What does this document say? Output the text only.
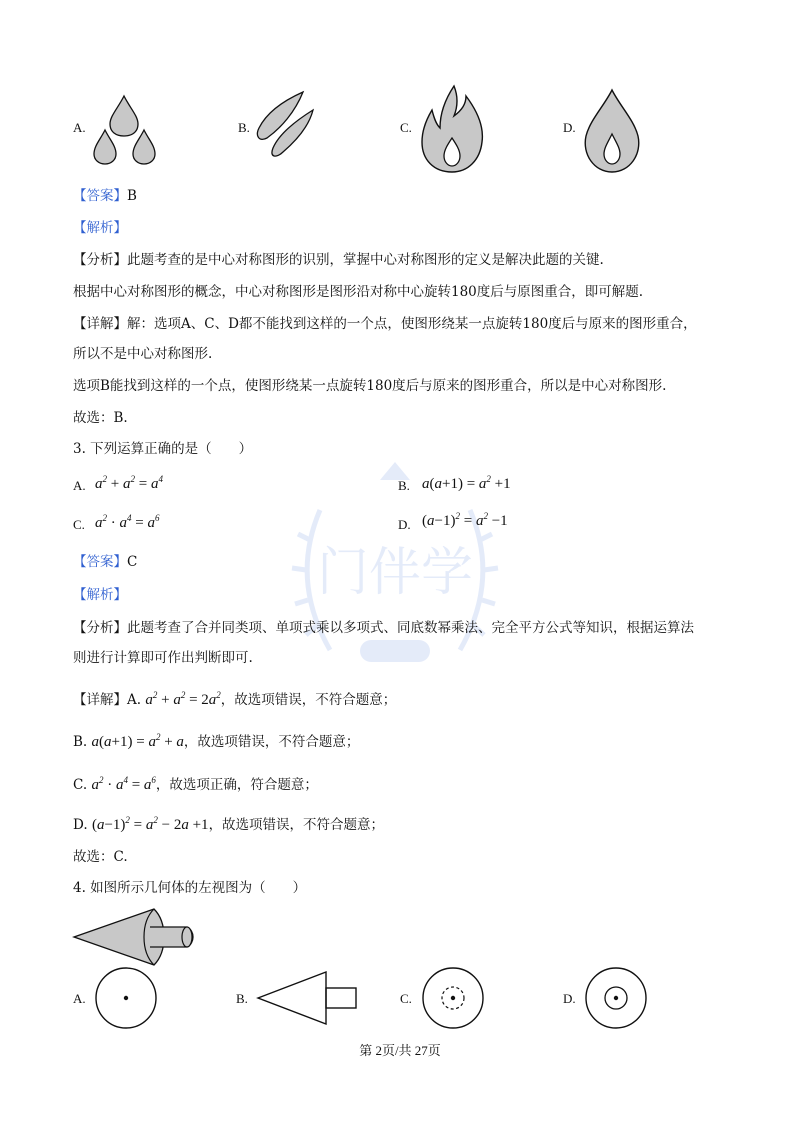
门伴学
A.	B.	C.	D.
【答案】B
【解析】
【分析】此题考查的是中心对称图形的识别，掌握中心对称图形的定义是解决此题的关键.
根据中心对称图形的概念，中心对称图形是图形沿对称中心旋转180度后与原图重合，即可解题.
【详解】解：选项A、C、D都不能找到这样的一个点，使图形绕某一点旋转180度后与原来的图形重合，
所以不是中心对称图形.
选项B能找到这样的一个点，使图形绕某一点旋转180度后与原来的图形重合，所以是中心对称图形.
故选：B.
3. 下列运算正确的是（　　）
A. $a^2 + a^2 = a^4$	B. $a(a+1) = a^2 +1$
C. $a^2 \cdot a^4 = a^6$	D. $(a-1)^2 = a^2 -1$
【答案】C
【解析】
【分析】此题考查了合并同类项、单项式乘以多项式、同底数幂乘法、完全平方公式等知识，根据运算法
则进行计算即可作出判断即可.
【详解】A. $a^2 + a^2 = 2a^2$，故选项错误，不符合题意；
B. $a(a+1) = a^2 + a$，故选项错误，不符合题意；
C. $a^2 \cdot a^4 = a^6$，故选项正确，符合题意；
D. $(a-1)^2 = a^2 - 2a +1$，故选项错误，不符合题意；
故选：C.
4. 如图所示几何体的左视图为（　　）
A.	B.	C.	D.
第 2页/共 27页
